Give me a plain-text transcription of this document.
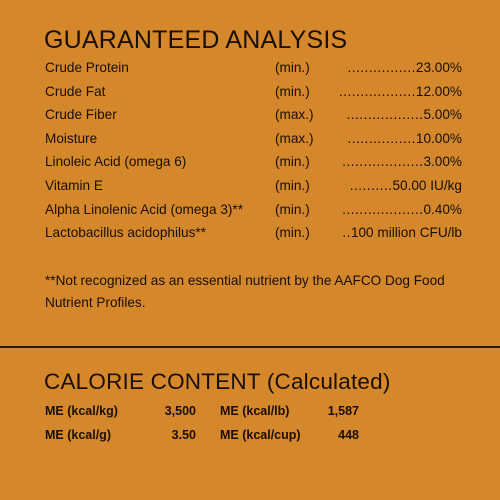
GUARANTEED ANALYSIS
Crude Protein	(min.)	................ 23.00%
Crude Fat	(min.)	.................. 12.00%
Crude Fiber	(max.)	.................. 5.00%
Moisture	(max.)	................ 10.00%
Linoleic Acid (omega 6)	(min.)	................... 3.00%
Vitamin E	(min.)	.......... 50.00 IU/kg
Alpha Linolenic Acid (omega 3)** (min.)	................... 0.40%
Lactobacillus acidophilus**	(min.)	.. 100 million CFU/lb
**Not recognized as an essential nutrient by the AAFCO Dog Food Nutrient Profiles.
CALORIE CONTENT (Calculated)
ME (kcal/kg)	3,500 ME (kcal/lb)	1,587
ME (kcal/g)	3.50 ME (kcal/cup)	448
